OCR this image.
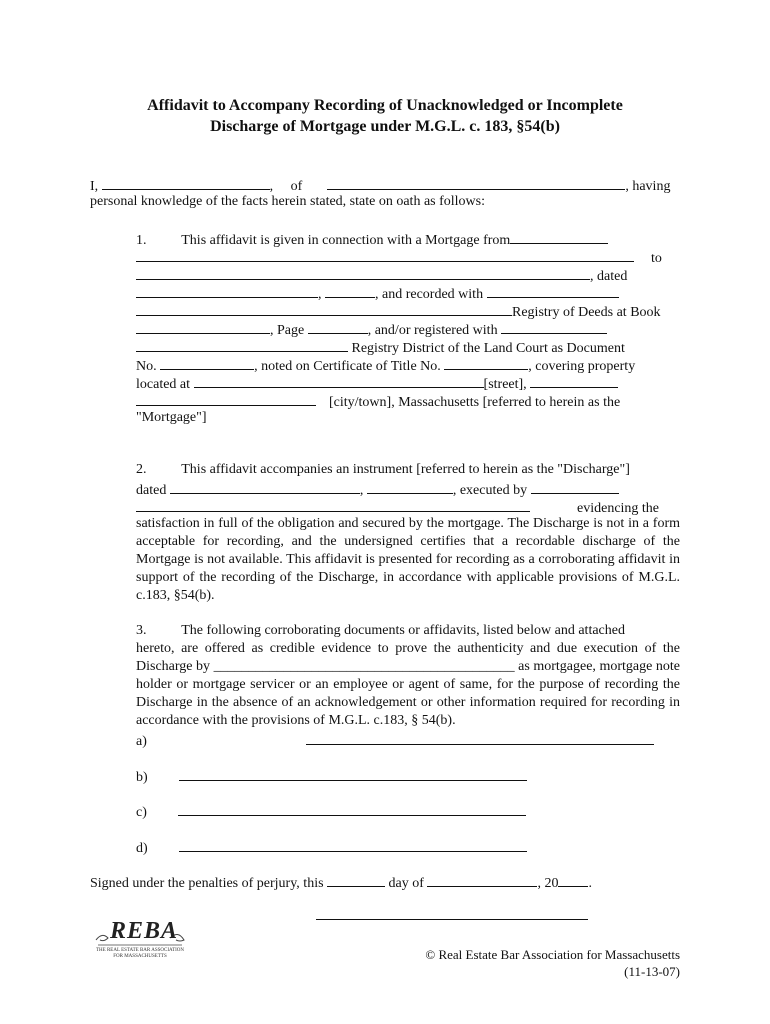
Affidavit to Accompany Recording of Unacknowledged or Incomplete
Discharge of Mortgage under M.G.L. c. 183, §54(b)
I,	,     of	, having
personal knowledge of the facts herein stated, state on oath as follows:
1. This affidavit is given in connection with a Mortgage from
to
, dated
,	, and recorded with
Registry of Deeds at Book
, Page	, and/or registered with
Registry District of the Land Court as Document
No.	, noted on Certificate of Title No.	, covering property
located at	[street],
[city/town], Massachusetts [referred to herein as the
"Mortgage"]
2. This affidavit accompanies an instrument [referred to herein as the "Discharge"]
dated	,	, executed by
evidencing the
satisfaction in full of the obligation and secured by the mortgage. The Discharge is not in a form acceptable for recording, and the undersigned certifies that a recordable discharge of the Mortgage is not available. This affidavit is presented for recording as a corroborating affidavit in support of the recording of the Discharge, in accordance with applicable provisions of M.G.L. c.183, §54(b).
3. The following corroborating documents or affidavits, listed below and attached
hereto, are offered as credible evidence to prove the authenticity and due execution of the Discharge by ___________________________________________ as mortgagee, mortgage note holder or mortgage servicer or an employee or agent of same, for the purpose of recording the Discharge in the absence of an acknowledgement or other information required for recording in accordance with the provisions of M.G.L. c.183, § 54(b).
a)
b)
c)
d)
Signed under the penalties of perjury, this	day of	, 20 .
REBA
THE REAL ESTATE BAR ASSOCIATION
FOR MASSACHUSETTS	© Real Estate Bar Association for Massachusetts
(11-13-07)
